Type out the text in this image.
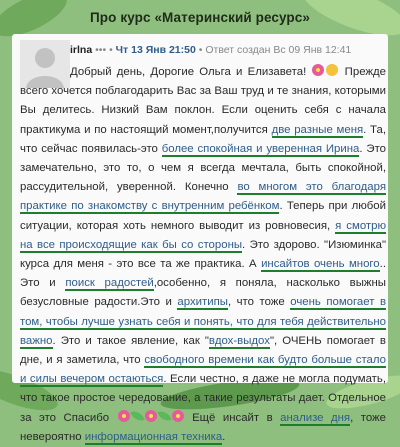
Про курс «Материнский ресурс»
irlna ••• • Чт 13 Янв 21:50 • Ответ создан Вс 09 Янв 12:41
Добрый день, Дорогие Ольга и Елизавета!	Прежде всего хочется поблагодарить Вас за Ваш труд и те знания, которыми Вы делитесь. Низкий Вам поклон. Если оценить себя с начала практикума и по настоящий момент,получится две разные меня. Та, что сейчас появилась-это более спокойная и уверенная Ирина. Это замечательно, это то, о чем я всегда мечтала, быть спокойной, рассудительной, уверенной. Конечно во многом это благодаря практике по знакомству с внутренним ребёнком. Теперь при любой ситуации, которая хоть немного выводит из ровновесия, я смотрю на все происходящие как бы со стороны. Это здорово. "Изюминка" курса для меня - это все та же практика. А инсайтов очень много.. Это и поиск радостей,особенно, я поняла, насколько выжны безусловные радости.Это и архитипы, что тоже очень помогает в том, чтобы лучше узнать себя и понять, что для тебя действительно важно. Это и такое явление, как "вдох-выдох", ОЧЕНЬ помогает в дне, и я заметила, что свободного времени как будто больше стало и силы вечером остаються. Если честно, я даже не могла подумать, что такое простое чередование, а такие результаты дает. Отдельное за это Спасибо	Ещё инсайт в анализе дня, тоже невероятно информационная техника.
